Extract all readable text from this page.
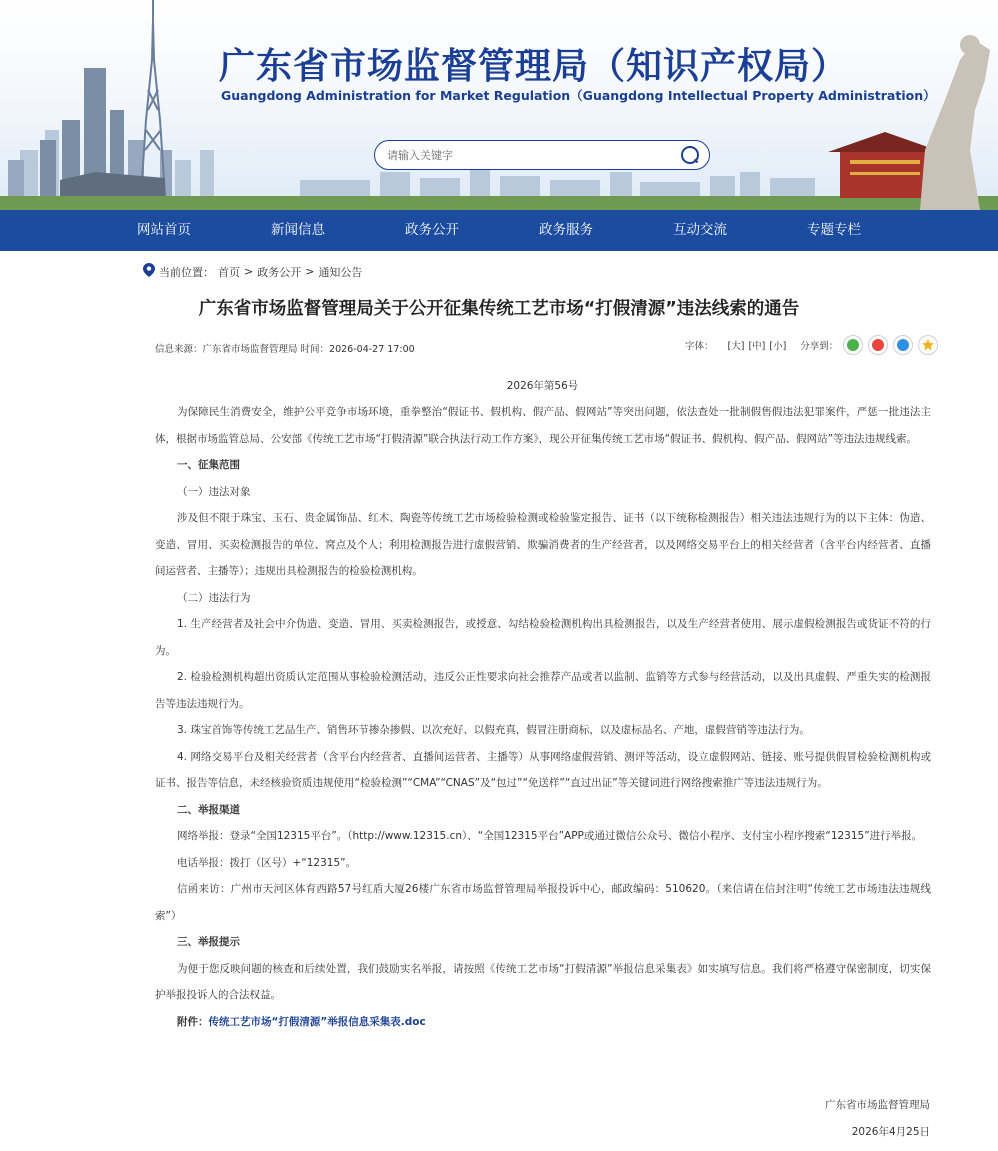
广东省市场监督管理局（知识产权局）
Guangdong Administration for Market Regulation（Guangdong Intellectual Property Administration）
请输入关键字
网站首页	新闻信息	政务公开	政务服务	互动交流	专题专栏
当前位置： 首页 > 政务公开 > 通知公告
广东省市场监督管理局关于公开征集传统工艺市场“打假清源”违法线索的通告
信息来源：广东省市场监督管理局 时间：2026-04-27 17:00	字体： [大] [中] [小] 分享到：
2026年第56号

为保障民生消费安全，维护公平竞争市场环境，重拳整治“假证书、假机构、假产品、假网站”等突出问题，依法查处一批制假售假违法犯罪案件，严惩一批违法主体，根据市场监管总局、公安部《传统工艺市场“打假清源”联合执法行动工作方案》，现公开征集传统工艺市场“假证书、假机构、假产品、假网站”等违法违规线索。

一、征集范围

（一）违法对象

涉及但不限于珠宝、玉石、贵金属饰品、红木、陶瓷等传统工艺市场检验检测或检验鉴定报告、证书（以下统称检测报告）相关违法违规行为的以下主体：伪造、变造、冒用、买卖检测报告的单位、窝点及个人；利用检测报告进行虚假营销、欺骗消费者的生产经营者，以及网络交易平台上的相关经营者（含平台内经营者、直播间运营者、主播等）；违规出具检测报告的检验检测机构。

（二）违法行为

1. 生产经营者及社会中介伪造、变造、冒用、买卖检测报告，或授意、勾结检验检测机构出具检测报告，以及生产经营者使用、展示虚假检测报告或货证不符的行为。

2. 检验检测机构超出资质认定范围从事检验检测活动，违反公正性要求向社会推荐产品或者以监制、监销等方式参与经营活动，以及出具虚假、严重失实的检测报告等违法违规行为。

3. 珠宝首饰等传统工艺品生产、销售环节掺杂掺假、以次充好、以假充真，假冒注册商标，以及虚标品名、产地，虚假营销等违法行为。

4. 网络交易平台及相关经营者（含平台内经营者、直播间运营者、主播等）从事网络虚假营销、测评等活动，设立虚假网站、链接、账号提供假冒检验检测机构或证书、报告等信息，未经核验资质违规使用“检验检测”“CMA”“CNAS”及“包过”“免送样”“直过出证”等关键词进行网络搜索推广等违法违规行为。

二、举报渠道

网络举报：登录“全国12315平台”。（http://www.12315.cn）、“全国12315平台”APP或通过微信公众号、微信小程序、支付宝小程序搜索“12315”进行举报。

电话举报：拨打（区号）+“12315”。

信函来访：广州市天河区体育西路57号红盾大厦26楼广东省市场监督管理局举报投诉中心，邮政编码：510620。（来信请在信封注明“传统工艺市场违法违规线索”）

三、举报提示

为便于您反映问题的核查和后续处置，我们鼓励实名举报，请按照《传统工艺市场“打假清源”举报信息采集表》如实填写信息。我们将严格遵守保密制度，切实保护举报投诉人的合法权益。

附件：传统工艺市场“打假清源”举报信息采集表.doc

广东省市场监督管理局
2026年4月25日
